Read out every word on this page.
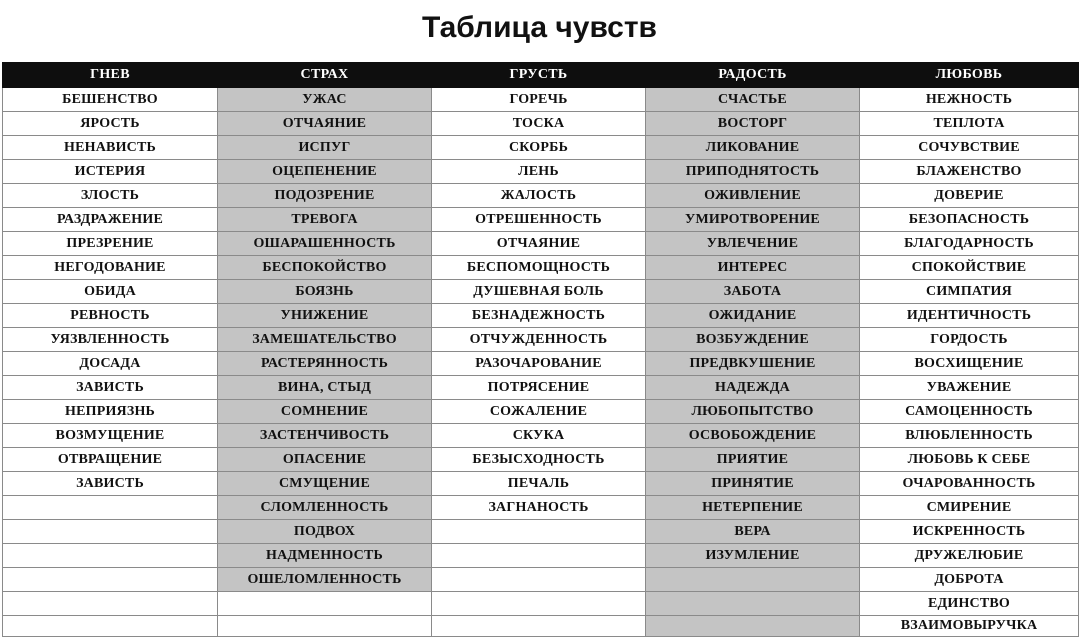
Таблица чувств
ГНЕВ	СТРАХ	ГРУСТЬ	РАДОСТЬ	ЛЮБОВЬ
БЕШЕНСТВО	УЖАС	ГОРЕЧЬ	СЧАСТЬЕ	НЕЖНОСТЬ
ЯРОСТЬ	ОТЧАЯНИЕ	ТОСКА	ВОСТОРГ	ТЕПЛОТА
НЕНАВИСТЬ	ИСПУГ	СКОРБЬ	ЛИКОВАНИЕ	СОЧУВСТВИЕ
ИСТЕРИЯ	ОЦЕПЕНЕНИЕ	ЛЕНЬ	ПРИПОДНЯТОСТЬ	БЛАЖЕНСТВО
ЗЛОСТЬ	ПОДОЗРЕНИЕ	ЖАЛОСТЬ	ОЖИВЛЕНИЕ	ДОВЕРИЕ
РАЗДРАЖЕНИЕ	ТРЕВОГА	ОТРЕШЕННОСТЬ	УМИРОТВОРЕНИЕ	БЕЗОПАСНОСТЬ
ПРЕЗРЕНИЕ	ОШАРАШЕННОСТЬ	ОТЧАЯНИЕ	УВЛЕЧЕНИЕ	БЛАГОДАРНОСТЬ
НЕГОДОВАНИЕ	БЕСПОКОЙСТВО	БЕСПОМОЩНОСТЬ	ИНТЕРЕС	СПОКОЙСТВИЕ
ОБИДА	БОЯЗНЬ	ДУШЕВНАЯ БОЛЬ	ЗАБОТА	СИМПАТИЯ
РЕВНОСТЬ	УНИЖЕНИЕ	БЕЗНАДЕЖНОСТЬ	ОЖИДАНИЕ	ИДЕНТИЧНОСТЬ
УЯЗВЛЕННОСТЬ	ЗАМЕШАТЕЛЬСТВО	ОТЧУЖДЕННОСТЬ	ВОЗБУЖДЕНИЕ	ГОРДОСТЬ
ДОСАДА	РАСТЕРЯННОСТЬ	РАЗОЧАРОВАНИЕ	ПРЕДВКУШЕНИЕ	ВОСХИЩЕНИЕ
ЗАВИСТЬ	ВИНА, СТЫД	ПОТРЯСЕНИЕ	НАДЕЖДА	УВАЖЕНИЕ
НЕПРИЯЗНЬ	СОМНЕНИЕ	СОЖАЛЕНИЕ	ЛЮБОПЫТСТВО	САМОЦЕННОСТЬ
ВОЗМУЩЕНИЕ	ЗАСТЕНЧИВОСТЬ	СКУКА	ОСВОБОЖДЕНИЕ	ВЛЮБЛЕННОСТЬ
ОТВРАЩЕНИЕ	ОПАСЕНИЕ	БЕЗЫСХОДНОСТЬ	ПРИЯТИЕ	ЛЮБОВЬ К СЕБЕ
ЗАВИСТЬ	СМУЩЕНИЕ	ПЕЧАЛЬ	ПРИНЯТИЕ	ОЧАРОВАННОСТЬ
	СЛОМЛЕННОСТЬ	ЗАГНАНОСТЬ	НЕТЕРПЕНИЕ	СМИРЕНИЕ
	ПОДВОХ		ВЕРА	ИСКРЕННОСТЬ
	НАДМЕННОСТЬ		ИЗУМЛЕНИЕ	ДРУЖЕЛЮБИЕ
	ОШЕЛОМЛЕННОСТЬ			ДОБРОТА
				ЕДИНСТВО
				ВЗАИМОВЫРУЧКА
